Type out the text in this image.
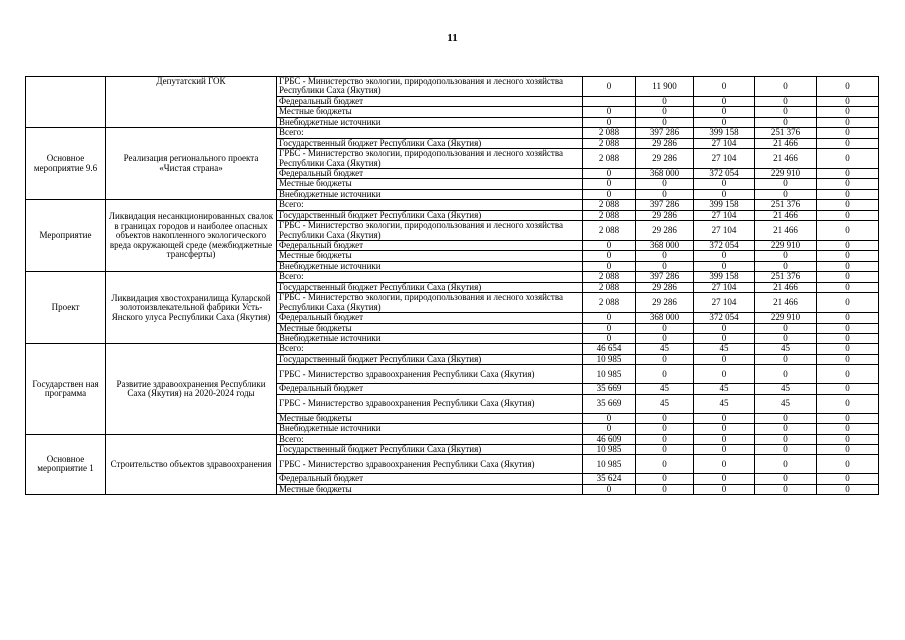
11
	Депутатский ГОК	ГРБС - Министерство экологии, природопользования и лесного хозяйства Республики Саха (Якутия)	0	11 900	0	0	0
		Федеральный бюджет		0	0	0	0
		Местные бюджеты	0	0	0	0	0
		Внебюджетные источники	0	0	0	0	0
Основное мероприятие 9.6	Реализация регионального проекта «Чистая страна»	Всего:	2 088	397 286	399 158	251 376	0
		Государственный бюджет Республики Саха (Якутия)	2 088	29 286	27 104	21 466	0
		ГРБС - Министерство экологии, природопользования и лесного хозяйства Республики Саха (Якутия)	2 088	29 286	27 104	21 466	0
		Федеральный бюджет	0	368 000	372 054	229 910	0
		Местные бюджеты	0	0	0	0	0
		Внебюджетные источники	0	0	0	0	0
Мероприятие	Ликвидация несанкционированных свалок в границах городов и наиболее опасных объектов накопленного экологического вреда окружающей среде (межбюджетные трансферты)	Всего:	2 088	397 286	399 158	251 376	0
		Государственный бюджет Республики Саха (Якутия)	2 088	29 286	27 104	21 466	0
		ГРБС - Министерство экологии, природопользования и лесного хозяйства Республики Саха (Якутия)	2 088	29 286	27 104	21 466	0
		Федеральный бюджет	0	368 000	372 054	229 910	0
		Местные бюджеты	0	0	0	0	0
		Внебюджетные источники	0	0	0	0	0
Проект	Ликвидация хвостохранилища Куларской золотоизвлекательной фабрики Усть-Янского улуса Республики Саха (Якутия)	Всего:	2 088	397 286	399 158	251 376	0
		Государственный бюджет Республики Саха (Якутия)	2 088	29 286	27 104	21 466	0
		ГРБС - Министерство экологии, природопользования и лесного хозяйства Республики Саха (Якутия)	2 088	29 286	27 104	21 466	0
		Федеральный бюджет	0	368 000	372 054	229 910	0
		Местные бюджеты	0	0	0	0	0
		Внебюджетные источники	0	0	0	0	0
Государствен ная программа	Развитие здравоохранения Республики Саха (Якутия) на 2020-2024 годы	Всего:	46 654	45	45	45	0
		Государственный бюджет Республики Саха (Якутия)	10 985	0	0	0	0
		ГРБС - Министерство здравоохранения Республики Саха (Якутия)	10 985	0	0	0	0
		Федеральный бюджет	35 669	45	45	45	0
		ГРБС - Министерство здравоохранения Республики Саха (Якутия)	35 669	45	45	45	0
		Местные бюджеты	0	0	0	0	0
		Внебюджетные источники	0	0	0	0	0
Основное мероприятие 1	Строительство объектов здравоохранения	Всего:	46 609	0	0	0	0
		Государственный бюджет Республики Саха (Якутия)	10 985	0	0	0	0
		ГРБС - Министерство здравоохранения Республики Саха (Якутия)	10 985	0	0	0	0
		Федеральный бюджет	35 624	0	0	0	0
		Местные бюджеты	0	0	0	0	0
